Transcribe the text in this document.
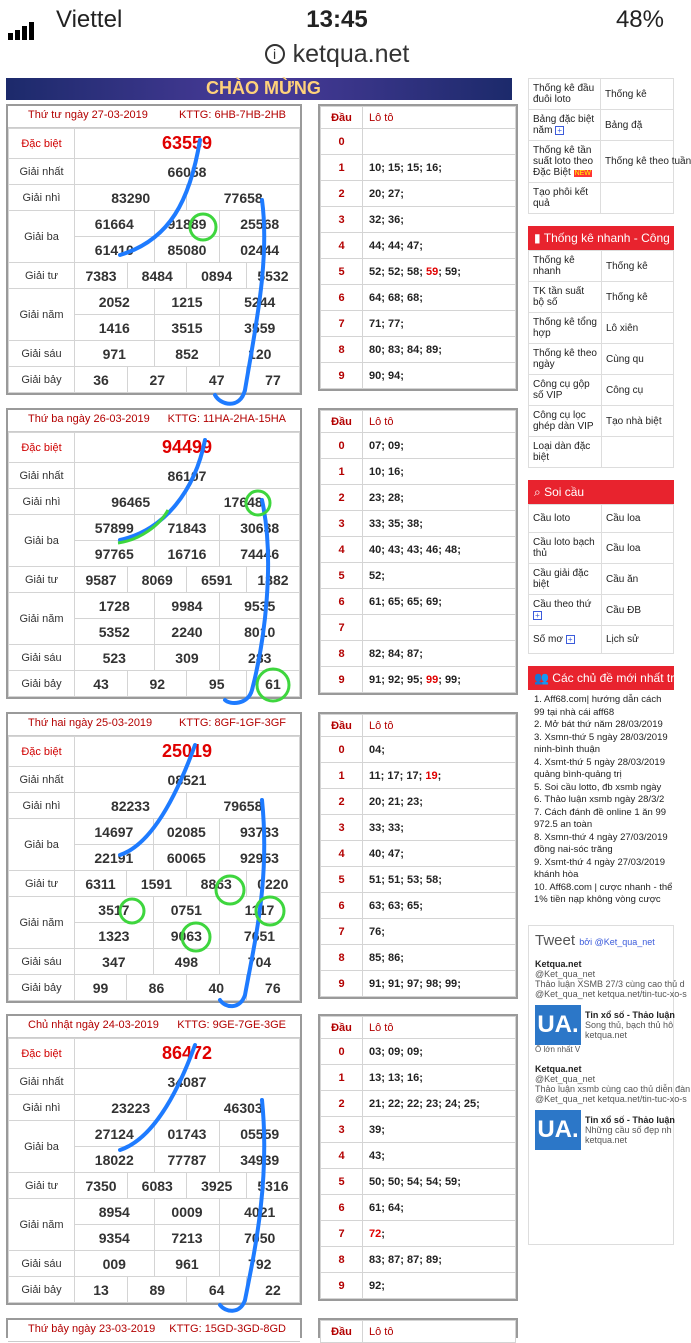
Viettel	13:45	48%
i ketqua.net
CHÀO MỪNG
Thứ tư ngày 27-03-2019	KTTG: 6HB-7HB-2HB
Đặc biệt	63559					
Giải nhất	66058					
Giải nhì	83290			77658		
Giải ba	61664		91889		25568	
	61410		85080		02444	
Giải tư	7383	8484		0894		5532
Giải năm	2052		1215		5244	
	1416		3515		3559	
Giải sáu	971		852		120	
Giải bảy	36	27		47		77
Đầu	Lô tô
0	
1	10; 15; 15; 16;
2	20; 27;
3	32; 36;
4	44; 44; 47;
5	52; 52; 58; 59; 59;
6	64; 68; 68;
7	71; 77;
8	80; 83; 84; 89;
9	90; 94;
Thứ ba ngày 26-03-2019 KTTG: 11HA-2HA-15HA
Đặc biệt	94499					
Giải nhất	86107					
Giải nhì	96465			17648		
Giải ba	57899		71843		30638	
	97765		16716		74446	
Giải tư	9587	8069		6591		1882
Giải năm	1728		9984		9535	
	5352		2240		8010	
Giải sáu	523		309		283	
Giải bảy	43	92		95		61
Đầu	Lô tô
0	07; 09;
1	10; 16;
2	23; 28;
3	33; 35; 38;
4	40; 43; 43; 46; 48;
5	52;
6	61; 65; 65; 69;
7	
8	82; 84; 87;
9	91; 92; 95; 99; 99;
Thứ hai ngày 25-03-2019 KTTG: 8GF-1GF-3GF
Đặc biệt	25019					
Giải nhất	08521					
Giải nhì	82233			79658		
Giải ba	14697		02085		93733	
	22191		60065		92953	
Giải tư	6311	1591		8863		0220
Giải năm	3517		0751		1117	
	1323		9063		7651	
Giải sáu	347		498		704	
Giải bảy	99	86		40		76
Đầu	Lô tô
0	04;
1	11; 17; 17; 19;
2	20; 21; 23;
3	33; 33;
4	40; 47;
5	51; 51; 53; 58;
6	63; 63; 65;
7	76;
8	85; 86;
9	91; 91; 97; 98; 99;
Chủ nhật ngày 24-03-2019 KTTG: 9GE-7GE-3GE
Đặc biệt	86472					
Giải nhất	34087					
Giải nhì	23223			46303		
Giải ba	27124		01743		05559	
	18022		77787		34939	
Giải tư	7350	6083		3925		5316
Giải năm	8954		0009		4021	
	9354		7213		7050	
Giải sáu	009		961		792	
Giải bảy	13	89		64		22
Đầu	Lô tô
0	03; 09; 09;
1	13; 13; 16;
2	21; 22; 22; 23; 24; 25;
3	39;
4	43;
5	50; 50; 54; 54; 59;
6	61; 64;
7	72;
8	83; 87; 87; 89;
9	92;
Thứ bảy ngày 23-03-2019 KTTG: 15GD-3GD-8GD	Đầu	Lô tô
Thống kê đầu đuôi loto	Thống kê
Bảng đặc biệt năm +	Bảng đặ
Thống kê tần suất loto theo Đặc Biệt NEW	Thống kê theo tuần
Tạo phôi kết quả	
▮ Thống kê nhanh - Công
Thống kê nhanh	Thống kê
TK tần suất bộ số	Thống kê
Thống kê tổng hợp	Lô xiên
Thống kê theo ngày	Cùng qu
Công cụ gộp số VIP	Công cụ
Công cụ lọc ghép dàn VIP	Tạo nhà biệt
Loại dàn đặc biệt	
⌕ Soi cầu
Cầu loto	Cầu loa
Cầu loto bạch thủ	Cầu loa
Cầu giải đặc biệt	Cầu ăn
Cầu theo thứ +	Cầu ĐB
Số mơ +	Lịch sử
👥 Các chủ đề mới nhất trê
1. Aff68.com| hướng dẫn cách
99 tại nhà cái aff68
2. Mở bát thứ năm 28/03/2019
3. Xsmn-thứ 5 ngày 28/03/2019
ninh-bình thuận
4. Xsmt-thứ 5 ngày 28/03/2019
quảng bình-quảng trị
5. Soi cầu lotto, đb xsmb ngày
6. Thảo luận xsmb ngày 28/3/2
7. Cách đánh đề online 1 ăn 99
972.5 an toàn
8. Xsmn-thứ 4 ngày 27/03/2019
đồng nai-sóc trăng
9. Xsmt-thứ 4 ngày 27/03/2019
khánh hòa
10. Aff68.com | cược nhanh - thể
1% tiền nạp không vòng cược
Tweet bởi @Ket_qua_net
Ketqua.net
@Ket_qua_net
Thảo luận XSMB 27/3 cùng cao thủ d
@Ket_qua_net ketqua.net/tin-tuc-xo-s

UA. Tin xổ số - Thảo luận
Song thủ, bạch thủ hô
ketqua.net
Ố lớn nhất V
Ketqua.net
@Ket_qua_net
Thảo luận xsmb cùng cao thủ diễn đàn
@Ket_qua_net ketqua.net/tin-tuc-xo-s

UA. Tin xổ số - Thảo luận
Những cầu số đẹp nh
ketqua.net
